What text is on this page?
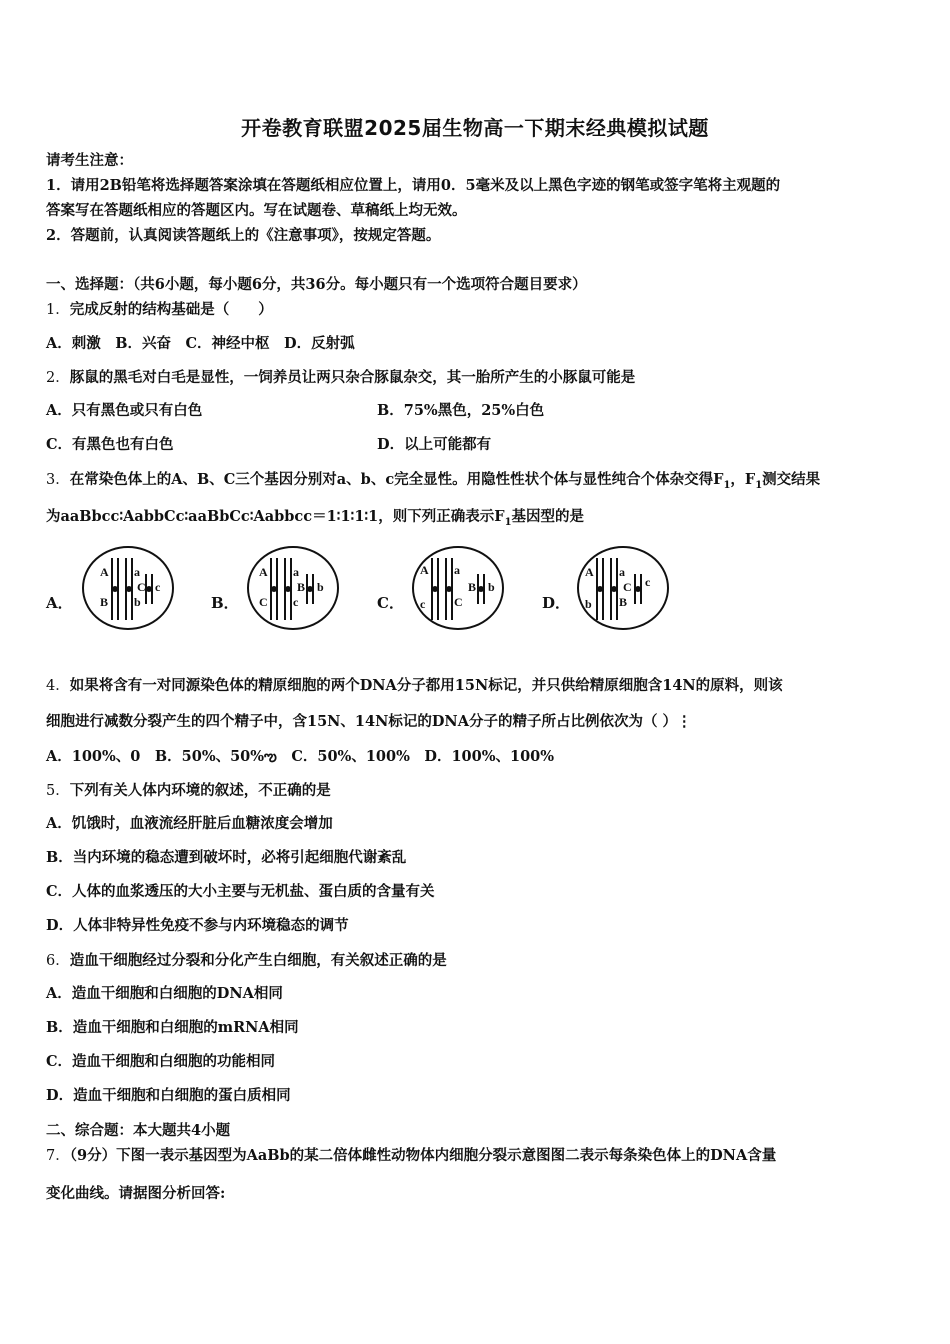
开卷教育联盟2025届生物高一下期末经典模拟试题
请考生注意：
1．请用2B铅笔将选择题答案涂填在答题纸相应位置上，请用0．5毫米及以上黑色字迹的钢笔或签字笔将主观题的
答案写在答题纸相应的答题区内。写在试题卷、草稿纸上均无效。
2．答题前，认真阅读答题纸上的《注意事项》，按规定答题。
一、选择题：（共6小题，每小题6分，共36分。每小题只有一个选项符合题目要求）
1．完成反射的结构基础是（　　）
A．刺激　B．兴奋　C．神经中枢　D．反射弧
2．豚鼠的黑毛对白毛是显性，一饲养员让两只杂合豚鼠杂交，其一胎所产生的小豚鼠可能是
A．只有黑色或只有白色	B．75%黑色，25%白色
C．有黑色也有白色	D．以上可能都有
3．在常染色体上的A、B、C三个基因分别对a、b、c完全显性。用隐性性状个体与显性纯合个体杂交得$F_1$，$F_1$测交结果
为aaBbcc∶AabbCc∶aaBbCc∶Aabbcc＝1∶1∶1∶1，则下列正确表示$F_1$基因型的是
A．	B．	C．	D．
A a
B b
C c
A a
C c
B b
A a
c C
B b
A a
b B
C c
4．如果将含有一对同源染色体的精原细胞的两个DNA分子都用15N标记，并只供给精原细胞含14N的原料，则该
细胞进行减数分裂产生的四个精子中，含15N、14N标记的DNA分子的精子所占比例依次为（ ）⋮
A．100%、0　B．50%、50%ఌ　C．50%、100%　D．100%、100%
5．下列有关人体内环境的叙述，不正确的是
A．饥饿时，血液流经肝脏后血糖浓度会增加
B．当内环境的稳态遭到破坏时，必将引起细胞代谢紊乱
C．人体的血浆透压的大小主要与无机盐、蛋白质的含量有关
D．人体非特异性免疫不参与内环境稳态的调节
6．造血干细胞经过分裂和分化产生白细胞，有关叙述正确的是
A．造血干细胞和白细胞的DNA相同
B．造血干细胞和白细胞的mRNA相同
C．造血干细胞和白细胞的功能相同
D．造血干细胞和白细胞的蛋白质相同
二、综合题：本大题共4小题
7．（9分）下图一表示基因型为AaBb的某二倍体雌性动物体内细胞分裂示意图图二表示每条染色体上的DNA含量
变化曲线。请据图分析回答:
